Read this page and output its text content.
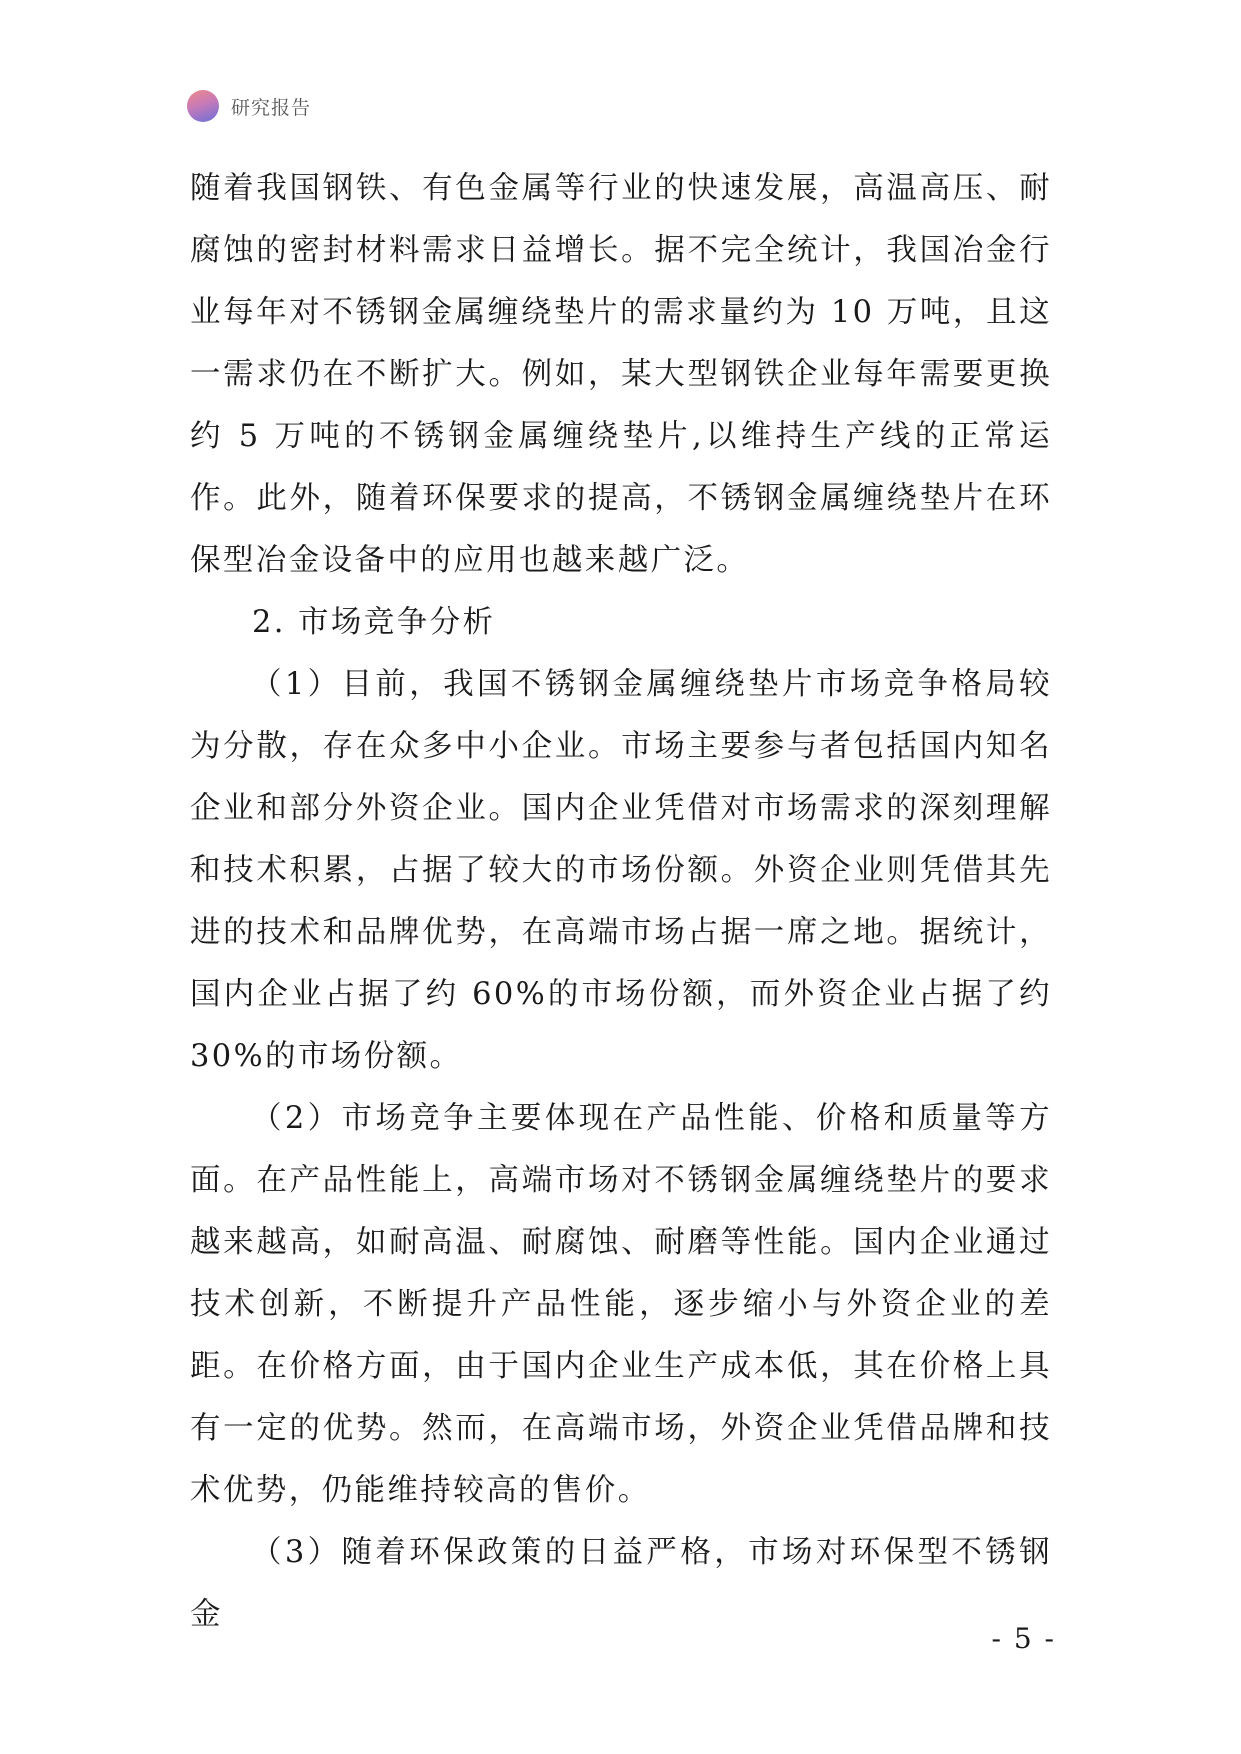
研究报告

随着我国钢铁、有色金属等行业的快速发展，高温高压、耐腐蚀的密封材料需求日益增长。据不完全统计，我国冶金行业每年对不锈钢金属缠绕垫片的需求量约为 10 万吨，且这一需求仍在不断扩大。例如，某大型钢铁企业每年需要更换约 5 万吨的不锈钢金属缠绕垫片,以维持生产线的正常运作。此外，随着环保要求的提高，不锈钢金属缠绕垫片在环保型冶金设备中的应用也越来越广泛。

2. 市场竞争分析

（1）目前，我国不锈钢金属缠绕垫片市场竞争格局较为分散，存在众多中小企业。市场主要参与者包括国内知名企业和部分外资企业。国内企业凭借对市场需求的深刻理解和技术积累，占据了较大的市场份额。外资企业则凭借其先进的技术和品牌优势，在高端市场占据一席之地。据统计，国内企业占据了约 60%的市场份额，而外资企业占据了约 30%的市场份额。

（2）市场竞争主要体现在产品性能、价格和质量等方面。在产品性能上，高端市场对不锈钢金属缠绕垫片的要求越来越高，如耐高温、耐腐蚀、耐磨等性能。国内企业通过技术创新，不断提升产品性能，逐步缩小与外资企业的差距。在价格方面，由于国内企业生产成本低，其在价格上具有一定的优势。然而，在高端市场，外资企业凭借品牌和技术优势，仍能维持较高的售价。

（3）随着环保政策的日益严格，市场对环保型不锈钢金

- 5 -
